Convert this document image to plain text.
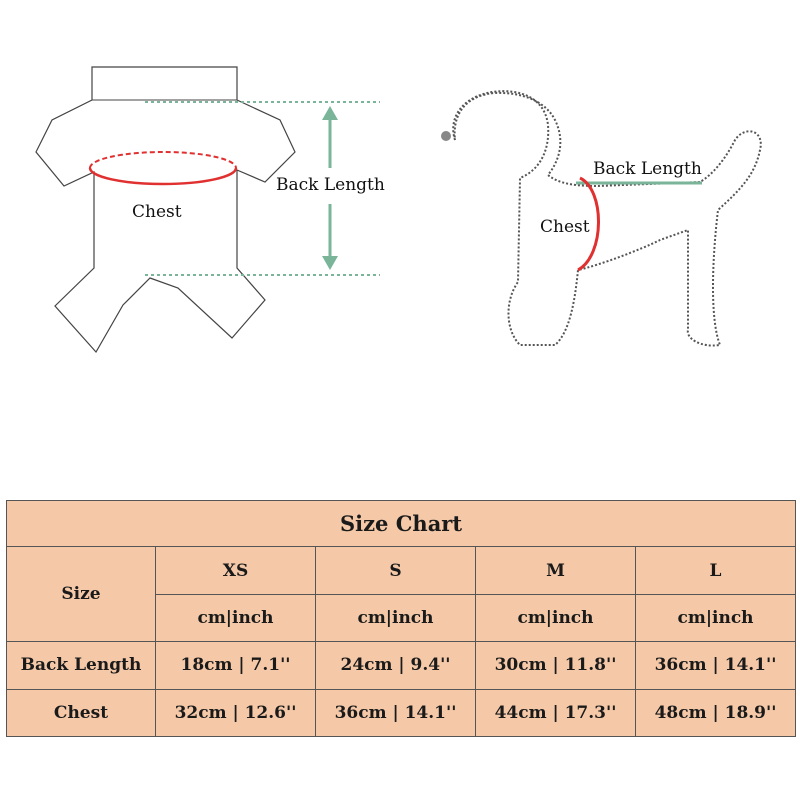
Back Length
Chest
Back Length
Chest
Size Chart				
Size	XS	S	M	L
	cm|inch	cm|inch	cm|inch	cm|inch
Back Length	18cm | 7.1''	24cm | 9.4''	30cm | 11.8''	36cm | 14.1''
Chest	32cm | 12.6''	36cm | 14.1''	44cm | 17.3''	48cm | 18.9''
